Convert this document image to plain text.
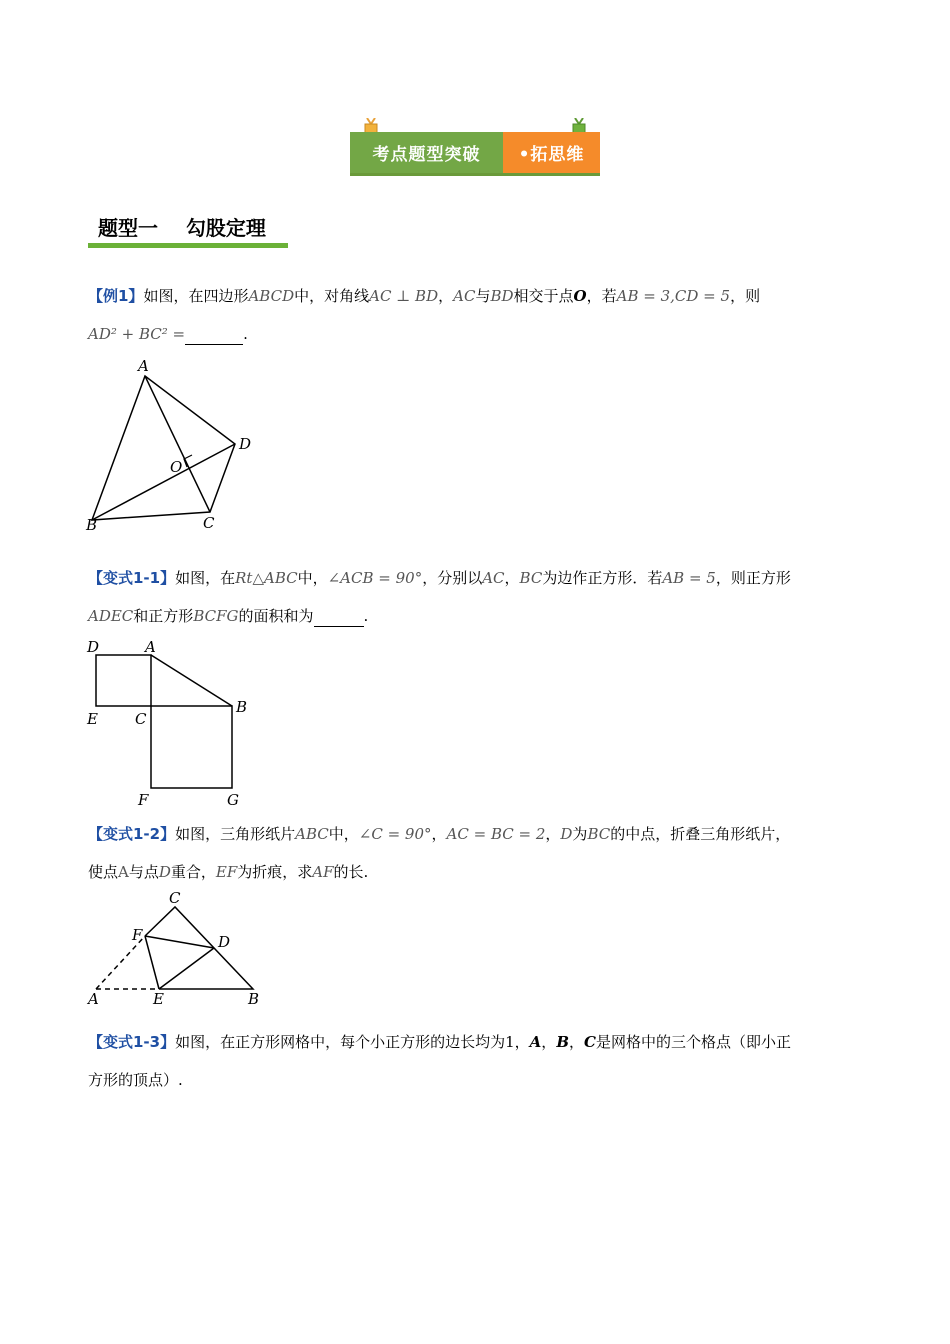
考点题型突破	•拓思维
题型一    勾股定理
【例1】如图，在四边形ABCD中，对角线AC ⊥ BD，AC与BD相交于点O，若AB = 3,CD = 5，则
AD² + BC² =	.
A
D
O
C
B
【变式1-1】如图，在Rt△ABC中，∠ACB = 90°，分别以AC，BC为边作正方形．若AB = 5，则正方形
ADEC和正方形BCFG的面积和为	.
D	A
B
E C
F	G
【变式1-2】如图，三角形纸片ABC中，∠C = 90°，AC = BC = 2，D为BC的中点，折叠三角形纸片，
使点A与点D重合，EF为折痕，求AF的长.
C
F	D
A	E	B
【变式1-3】如图，在正方形网格中，每个小正方形的边长均为1，A，B，C是网格中的三个格点（即小正
方形的顶点）.
